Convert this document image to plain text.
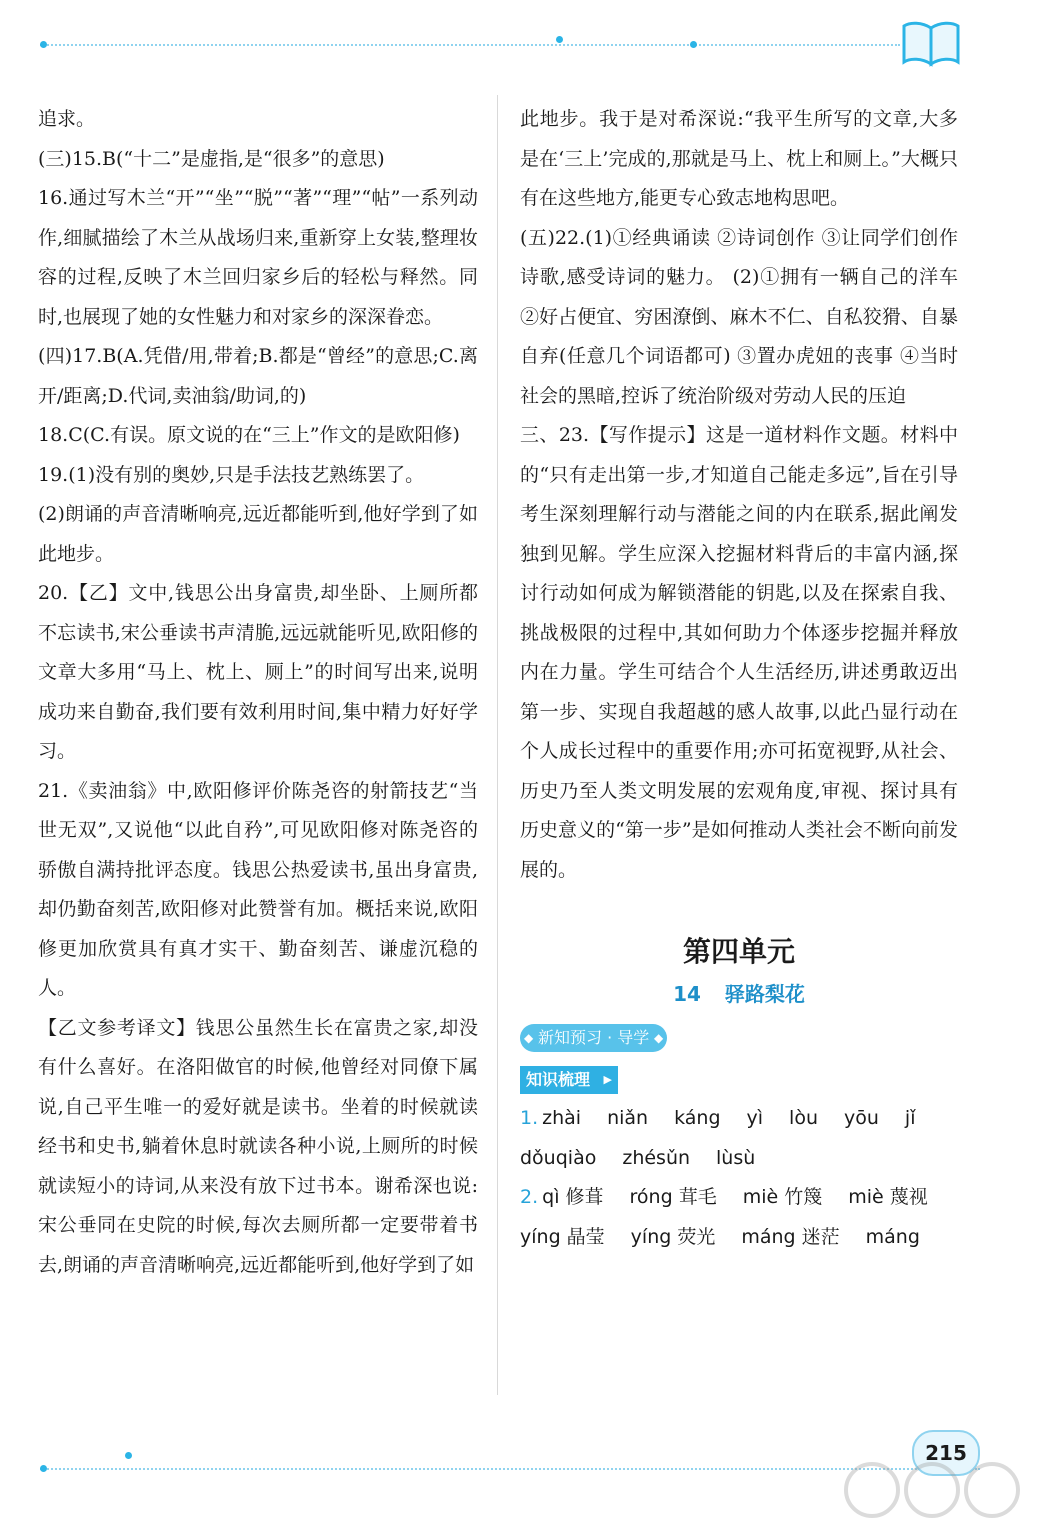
追求。

(三)15.B(“十二”是虚指,是“很多”的意思)

16.通过写木兰“开”“坐”“脱”“著”“理”“帖”一系列动作,细腻描绘了木兰从战场归来,重新穿上女装,整理妆容的过程,反映了木兰回归家乡后的轻松与释然。同时,也展现了她的女性魅力和对家乡的深深眷恋。

(四)17.B(A.凭借/用,带着;B.都是“曾经”的意思;C.离开/距离;D.代词,卖油翁/助词,的)

18.C(C.有误。原文说的在“三上”作文的是欧阳修)

19.(1)没有别的奥妙,只是手法技艺熟练罢了。

(2)朗诵的声音清晰响亮,远近都能听到,他好学到了如此地步。

20.【乙】文中,钱思公出身富贵,却坐卧、上厕所都不忘读书,宋公垂读书声清脆,远远就能听见,欧阳修的文章大多用“马上、枕上、厕上”的时间写出来,说明成功来自勤奋,我们要有效利用时间,集中精力好好学习。

21.《卖油翁》中,欧阳修评价陈尧咨的射箭技艺“当世无双”,又说他“以此自矜”,可见欧阳修对陈尧咨的骄傲自满持批评态度。钱思公热爱读书,虽出身富贵,却仍勤奋刻苦,欧阳修对此赞誉有加。概括来说,欧阳修更加欣赏具有真才实干、勤奋刻苦、谦虚沉稳的人。

【乙文参考译文】钱思公虽然生长在富贵之家,却没有什么喜好。在洛阳做官的时候,他曾经对同僚下属说,自己平生唯一的爱好就是读书。坐着的时候就读经书和史书,躺着休息时就读各种小说,上厕所的时候就读短小的诗词,从来没有放下过书本。谢希深也说:宋公垂同在史院的时候,每次去厕所都一定要带着书去,朗诵的声音清晰响亮,远近都能听到,他好学到了如

此地步。我于是对希深说:“我平生所写的文章,大多是在‘三上’完成的,那就是马上、枕上和厕上。”大概只有在这些地方,能更专心致志地构思吧。

(五)22.(1)①经典诵读 ②诗词创作 ③让同学们创作诗歌,感受诗词的魅力。 (2)①拥有一辆自己的洋车 ②好占便宜、穷困潦倒、麻木不仁、自私狡猾、自暴自弃(任意几个词语都可) ③置办虎妞的丧事 ④当时社会的黑暗,控诉了统治阶级对劳动人民的压迫

三、23.【写作提示】这是一道材料作文题。材料中的“只有走出第一步,才知道自己能走多远”,旨在引导考生深刻理解行动与潜能之间的内在联系,据此阐发独到见解。学生应深入挖掘材料背后的丰富内涵,探讨行动如何成为解锁潜能的钥匙,以及在探索自我、挑战极限的过程中,其如何助力个体逐步挖掘并释放内在力量。学生可结合个人生活经历,讲述勇敢迈出第一步、实现自我超越的感人故事,以此凸显行动在个人成长过程中的重要作用;亦可拓宽视野,从社会、历史乃至人类文明发展的宏观角度,审视、探讨具有历史意义的“第一步”是如何推动人类社会不断向前发展的。

第四单元
14 驿路梨花
◆ 新知预习 · 导学 ◆
知识梳理 ▶
1. zhài niǎn káng yì lòu yōu jǐ
dǒuqiào zhésǔn lùsù
2. qì 修葺 róng 茸毛 miè 竹篾 miè 蔑视
yíng 晶莹 yíng 荧光 máng 迷茫 máng
215
